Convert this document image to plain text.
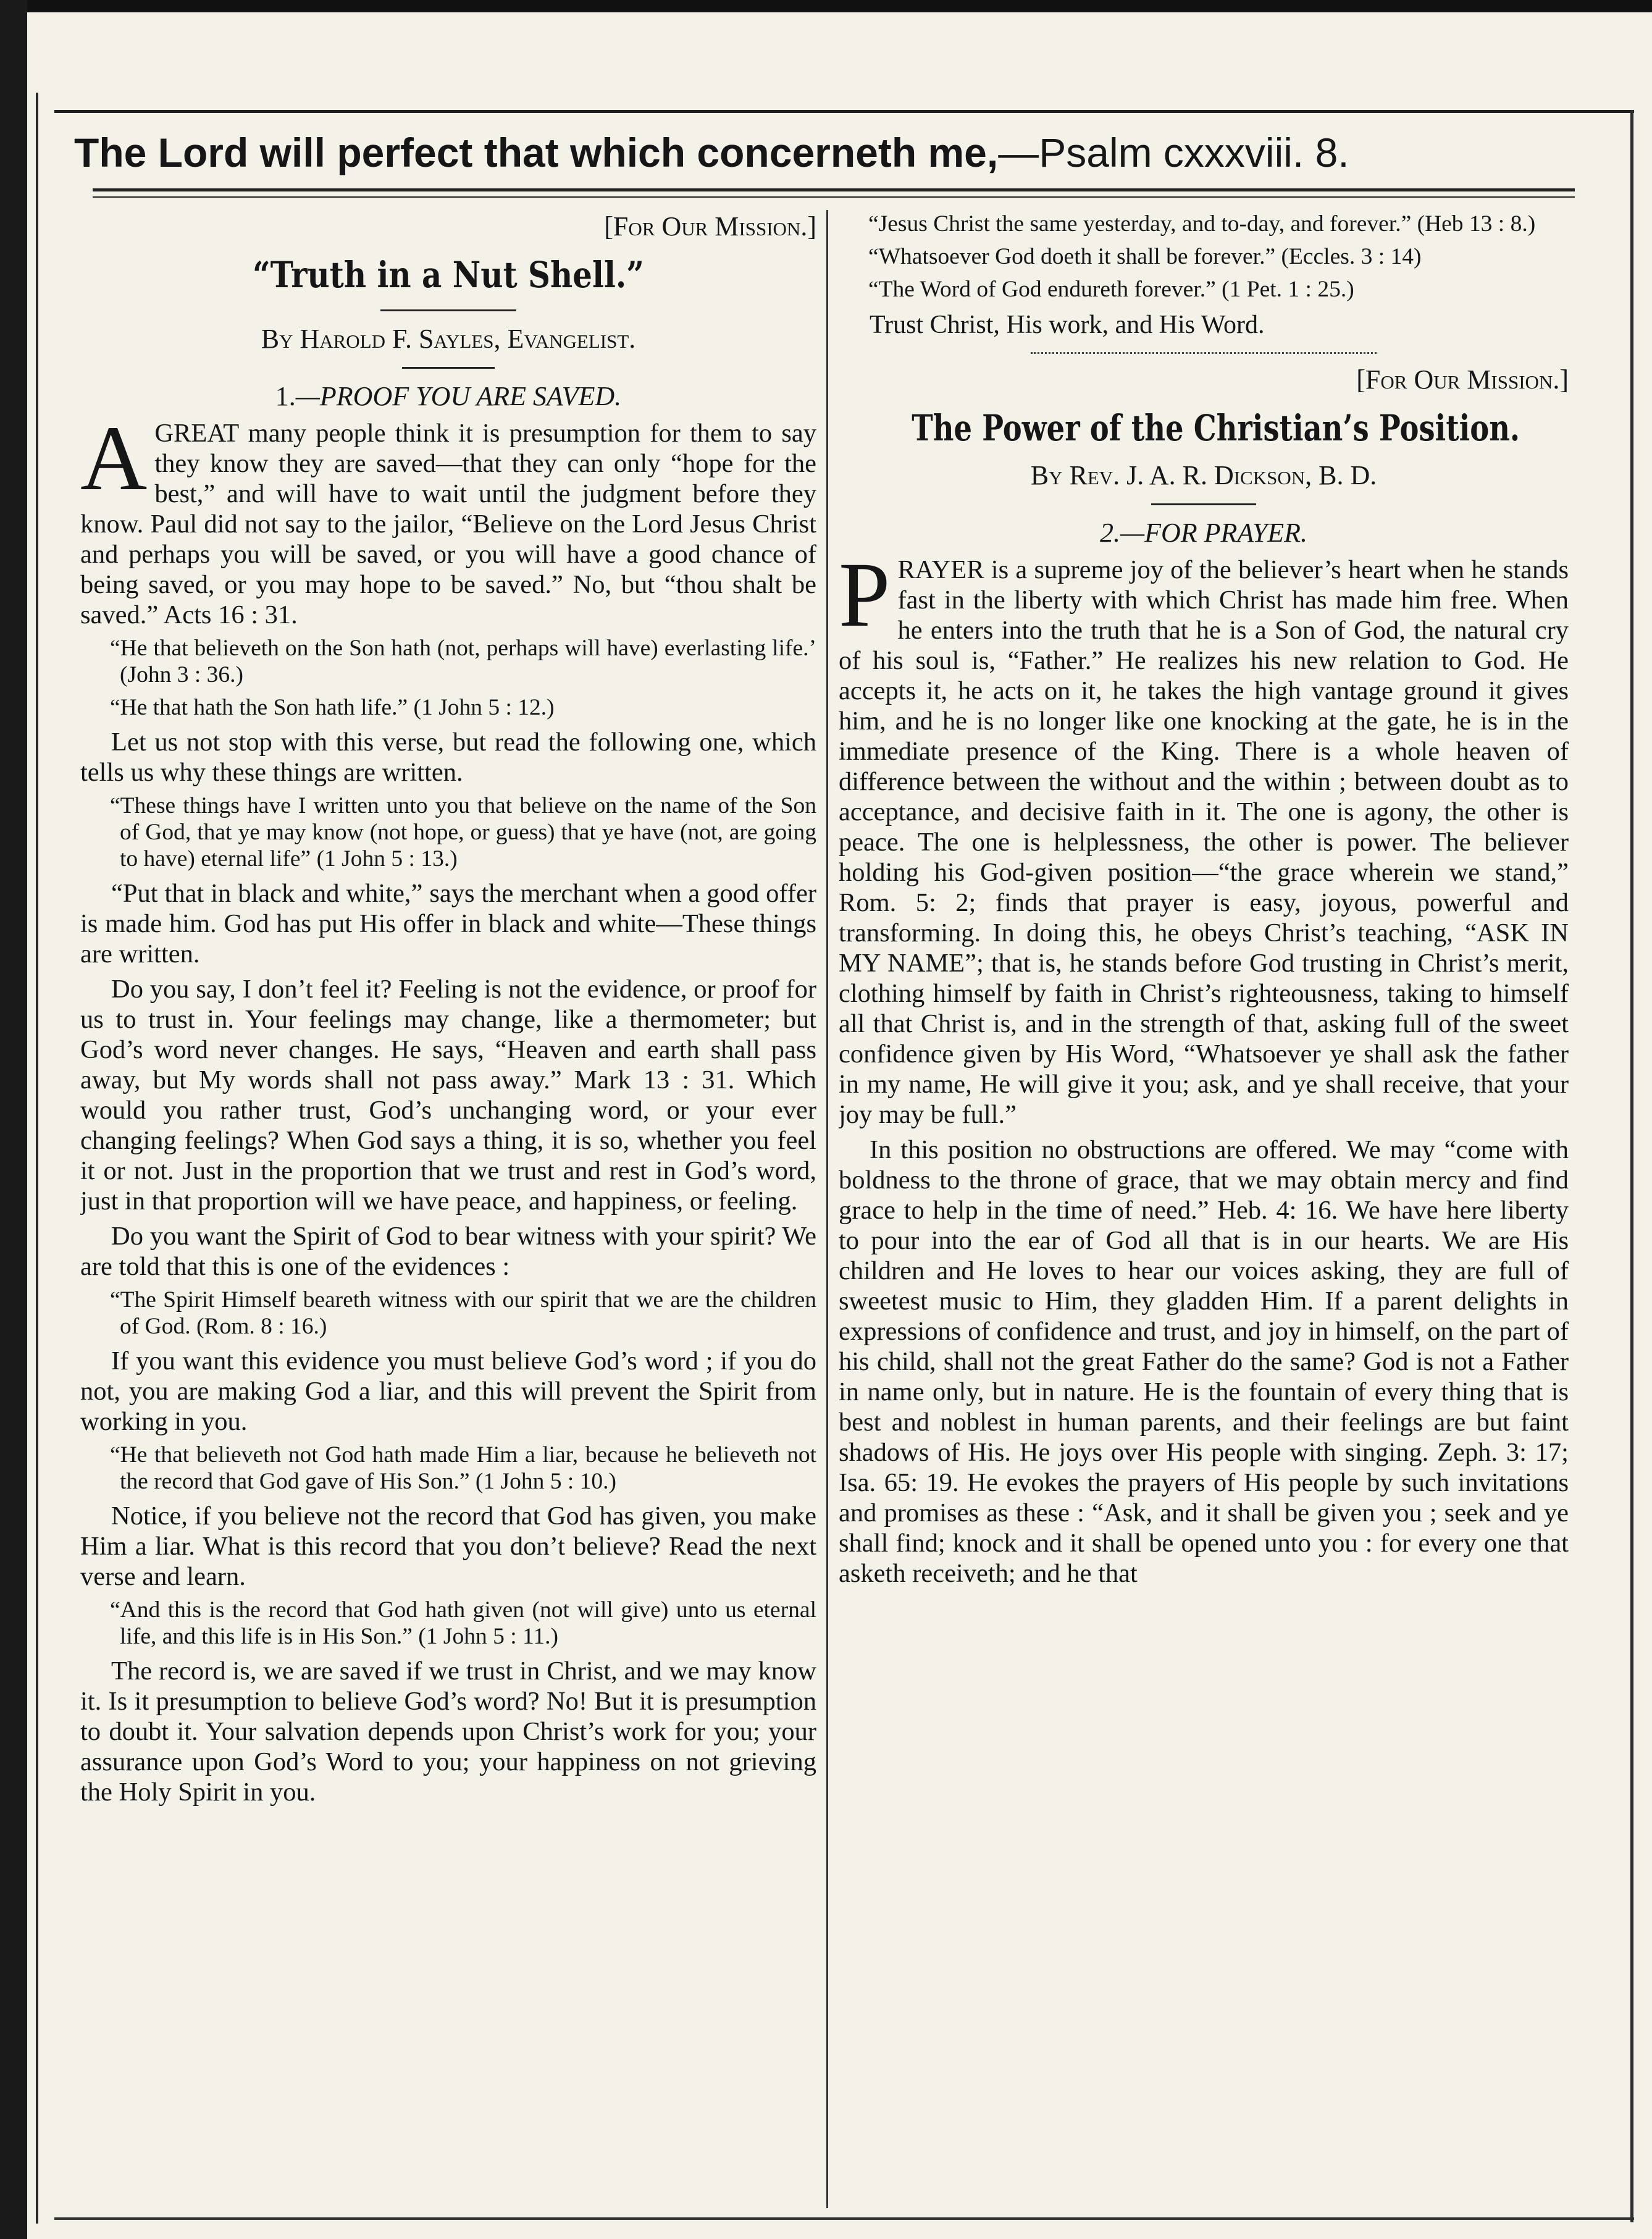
The Lord will perfect that which concerneth me,—Psalm cxxxviii. 8.
[For Our Mission.]
“Truth in a Nut Shell.”
By Harold F. Sayles, Evangelist.
1.—PROOF YOU ARE SAVED.

AGREAT many people think it is presumption for them to say they know they are saved—that they can only “hope for the best,” and will have to wait until the judgment before they know. Paul did not say to the jailor, “Believe on the Lord Jesus Christ and perhaps you will be saved, or you will have a good chance of being saved, or you may hope to be saved.” No, but “thou shalt be saved.” Acts 16 : 31.

“He that believeth on the Son hath (not, perhaps will have) everlasting life.’ (John 3 : 36.)

“He that hath the Son hath life.” (1 John 5 : 12.)

Let us not stop with this verse, but read the following one, which tells us why these things are written.

“These things have I written unto you that believe on the name of the Son of God, that ye may know (not hope, or guess) that ye have (not, are going to have) eternal life” (1 John 5 : 13.)

“Put that in black and white,” says the merchant when a good offer is made him. God has put His offer in black and white—These things are written.

Do you say, I don’t feel it? Feeling is not the evidence, or proof for us to trust in. Your feelings may change, like a thermometer; but God’s word never changes. He says, “Heaven and earth shall pass away, but My words shall not pass away.” Mark 13 : 31. Which would you rather trust, God’s unchanging word, or your ever changing feelings? When God says a thing, it is so, whether you feel it or not. Just in the proportion that we trust and rest in God’s word, just in that proportion will we have peace, and happiness, or feeling.

Do you want the Spirit of God to bear witness with your spirit? We are told that this is one of the evidences :

“The Spirit Himself beareth witness with our spirit that we are the children of God. (Rom. 8 : 16.)

If you want this evidence you must believe God’s word ; if you do not, you are making God a liar, and this will prevent the Spirit from working in you.

“He that believeth not God hath made Him a liar, because he believeth not the record that God gave of His Son.” (1 John 5 : 10.)

Notice, if you believe not the record that God has given, you make Him a liar. What is this record that you don’t believe? Read the next verse and learn.

“And this is the record that God hath given (not will give) unto us eternal life, and this life is in His Son.” (1 John 5 : 11.)

The record is, we are saved if we trust in Christ, and we may know it. Is it presumption to believe God’s word? No! But it is presumption to doubt it. Your salvation depends upon Christ’s work for you; your assurance upon God’s Word to you; your happiness on not grieving the Holy Spirit in you.

“Jesus Christ the same yesterday, and to-day, and forever.” (Heb 13 : 8.)

“Whatsoever God doeth it shall be forever.” (Eccles. 3 : 14)

“The Word of God endureth forever.” (1 Pet. 1 : 25.)

Trust Christ, His work, and His Word.
[For Our Mission.]
The Power of the Christian’s Position.
By Rev. J. A. R. Dickson, B. D.
2.—FOR PRAYER.

PRAYER is a supreme joy of the believer’s heart when he stands fast in the liberty with which Christ has made him free. When he enters into the truth that he is a Son of God, the natural cry of his soul is, “Father.” He realizes his new relation to God. He accepts it, he acts on it, he takes the high vantage ground it gives him, and he is no longer like one knocking at the gate, he is in the immediate presence of the King. There is a whole heaven of difference between the without and the within ; between doubt as to acceptance, and decisive faith in it. The one is agony, the other is peace. The one is helplessness, the other is power. The believer holding his God-given position—“the grace wherein we stand,” Rom. 5: 2; finds that prayer is easy, joyous, powerful and transforming. In doing this, he obeys Christ’s teaching, “ASK IN MY NAME”; that is, he stands before God trusting in Christ’s merit, clothing himself by faith in Christ’s righteousness, taking to himself all that Christ is, and in the strength of that, asking full of the sweet confidence given by His Word, “Whatsoever ye shall ask the father in my name, He will give it you; ask, and ye shall receive, that your joy may be full.”

In this position no obstructions are offered. We may “come with boldness to the throne of grace, that we may obtain mercy and find grace to help in the time of need.” Heb. 4: 16. We have here liberty to pour into the ear of God all that is in our hearts. We are His children and He loves to hear our voices asking, they are full of sweetest music to Him, they gladden Him. If a parent delights in expressions of confidence and trust, and joy in himself, on the part of his child, shall not the great Father do the same? God is not a Father in name only, but in nature. He is the fountain of every thing that is best and noblest in human parents, and their feelings are but faint shadows of His. He joys over His people with singing. Zeph. 3: 17; Isa. 65: 19. He evokes the prayers of His people by such invitations and promises as these : “Ask, and it shall be given you ; seek and ye shall find; knock and it shall be opened unto you : for every one that asketh receiveth; and he that
